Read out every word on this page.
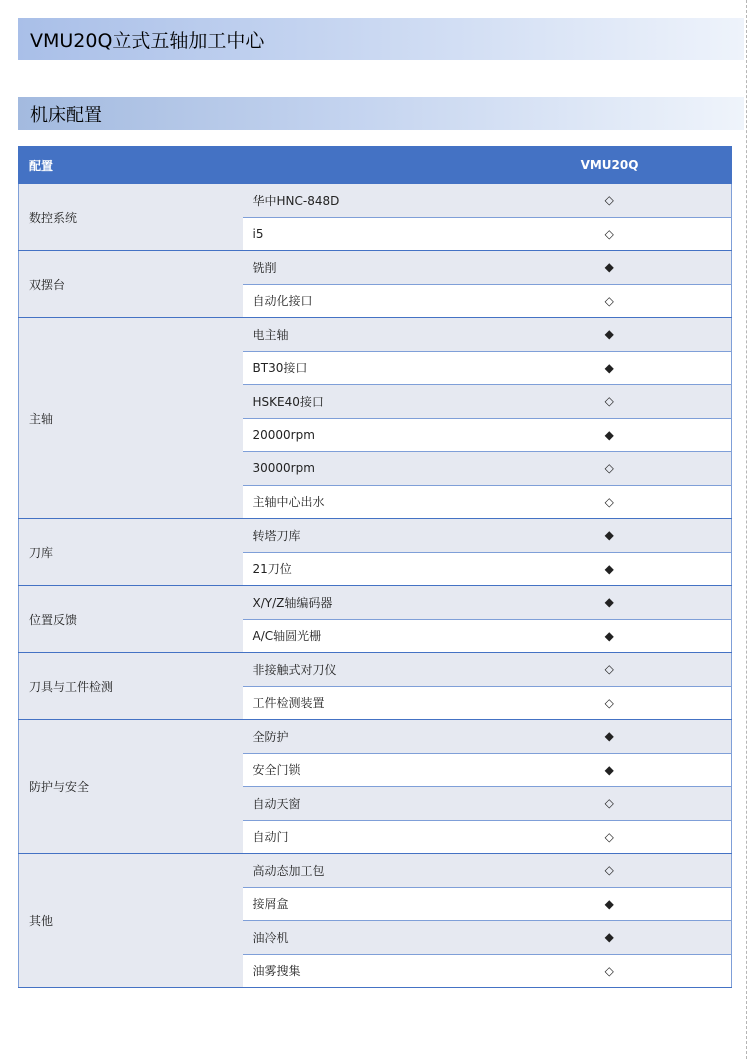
VMU20Q立式五轴加工中心
机床配置
配置		VMU20Q
数控系统	华中HNC-848D	◇
	i5	◇
双摆台	铣削	◆
	自动化接口	◇
主轴	电主轴	◆
	BT30接口	◆
	HSKE40接口	◇
	20000rpm	◆
	30000rpm	◇
	主轴中心出水	◇
刀库	转塔刀库	◆
	21刀位	◆
位置反馈	X/Y/Z轴编码器	◆
	A/C轴圆光栅	◆
刀具与工件检测	非接触式对刀仪	◇
	工件检测装置	◇
防护与安全	全防护	◆
	安全门锁	◆
	自动天窗	◇
	自动门	◇
其他	高动态加工包	◇
	接屑盒	◆
	油冷机	◆
	油雾搜集	◇
